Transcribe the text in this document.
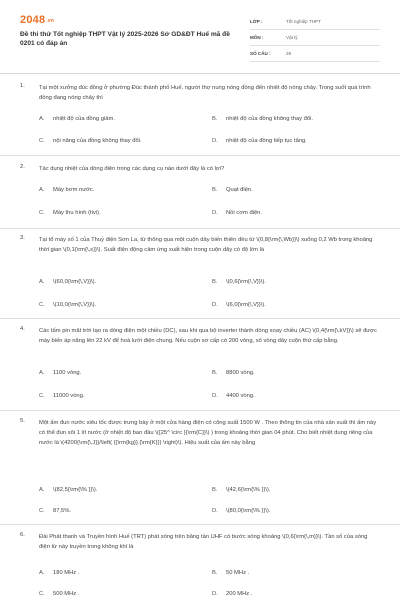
2048.vn
Đề thi thử Tốt nghiệp THPT Vật lý 2025-2026 Sở GD&ĐT Huế mã đề 0201 có đáp án
LỚP :	Tốt nghiệp THPT
MÔN :	Vật lý
SỐ CÂU :	28
1. Tại một xưởng đúc đồng ở phường Đúc thành phố Huế, người thợ nung nóng đồng đến nhiệt độ nóng chảy. Trong suốt quá trình đồng đang nóng chảy thì
A. nhiệt độ của đồng giảm.	B. nhiệt độ của đồng không thay đổi.
C. nội năng của đồng không thay đổi.	D. nhiệt độ của đồng tiếp tục tăng.
2. Tác dụng nhiệt của dòng điện trong các dụng cụ nào dưới đây là có lợi?
A. Máy bơm nước.	B. Quạt điện.
C. Máy thu hình (tivi).	D. Nồi cơm điện.
3. Tại tổ máy số 1 của Thuỷ điện Sơn La, từ thông qua một cuộn dây biến thiên đều từ \(0,8{\rm{\,Wb}}\) xuống 0,2 Wb trong khoảng thời gian \(0,1{\rm{\,s}}\). Suất điện động cảm ứng xuất hiện trong cuộn dây có độ lớn là
A. \(60,0{\rm{\,V}}\).	B. \(0,6{\rm{\,V}}\).
C. \(10,0{\rm{\,V}}\).	D. \(6,0{\rm{\,V}}\).
4. Các tấm pin mặt trời tạo ra dòng điện một chiều (DC), sau khi qua bộ inverter thành dòng xoay chiều (AC) \(0,4{\rm{\,kV}}\) sẽ được máy biến áp nâng lên 22 kV để hoà lưới điện chung. Nếu cuộn sơ cấp có 200 vòng, số vòng dây cuộn thứ cấp bằng.
A. 1100 vòng.	B. 8800 vòng.
C. 11000 vòng.	D. 4400 vòng.
5. Một ấm đun nước siêu tốc được trưng bày ở một cửa hàng điện có công suất 1500 W . Theo thông tin của nhà sản xuất thì ấm này có thể đun sôi 1 lít nước (ở nhiệt độ ban đầu \({25^ \circ }{\rm{C}}\) ) trong khoảng thời gian 04 phút. Cho biết nhiệt dung riêng của nước là \(4200{\rm{\,J}}/\left( {{\rm{kg}}.{\rm{K}}} \right)\). Hiệu suất của ấm này bằng
A. \(82,5{\rm{\% }}\).	B. \(42,6{\rm{\% }}\).
C. 87,5%.	D. \(80,0{\rm{\% }}\).
6. Đài Phát thanh và Truyền hình Huế (TRT) phát sóng trên băng tần UHF có bước sóng khoảng \(0,6{\rm{\,m}}\). Tần số của sóng điện từ này truyền trong không khí là
A. 180 MHz .	B. 50 MHz .
C. 500 MHz .	D. 200 MHz .
